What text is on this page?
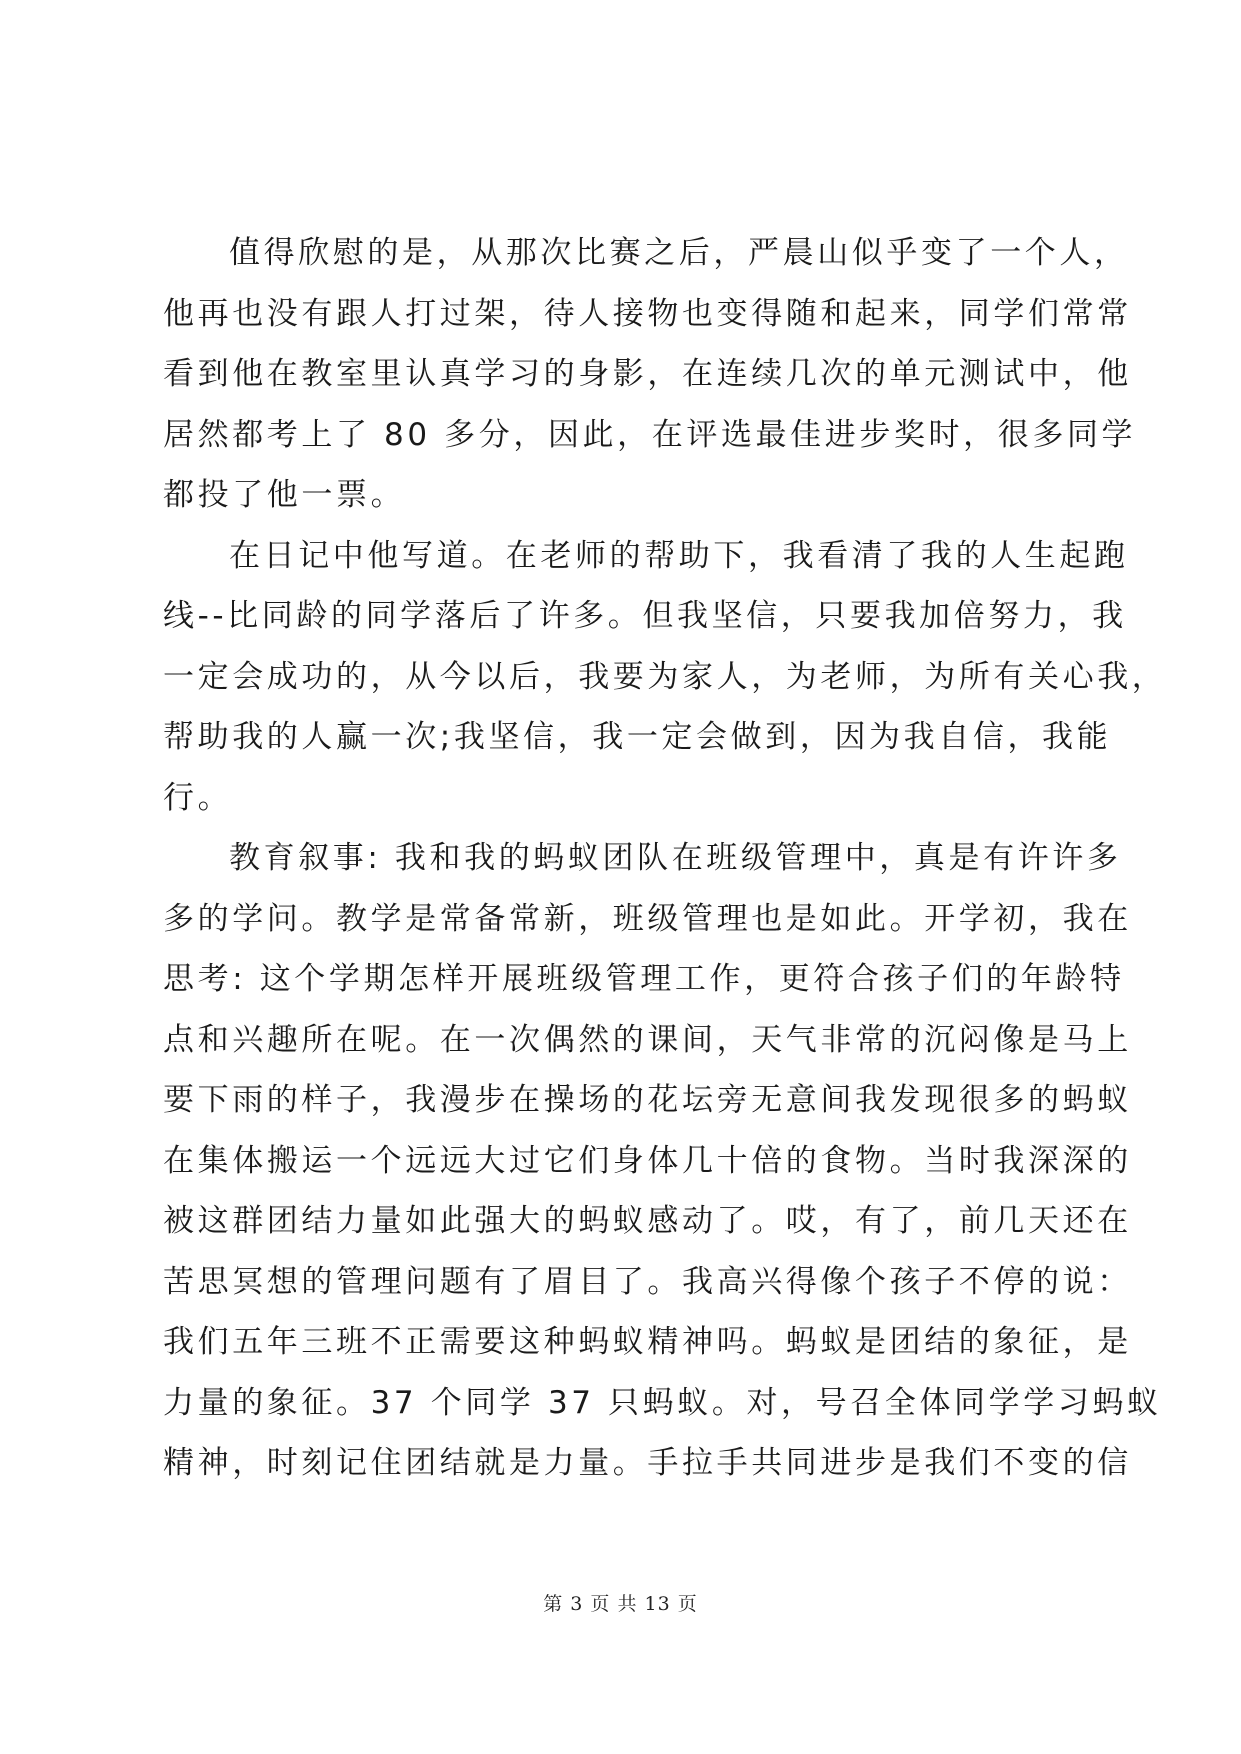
值得欣慰的是，从那次比赛之后，严晨山似乎变了一个人，
他再也没有跟人打过架，待人接物也变得随和起来，同学们常常
看到他在教室里认真学习的身影，在连续几次的单元测试中，他
居然都考上了 80 多分，因此，在评选最佳进步奖时，很多同学
都投了他一票。
在日记中他写道。在老师的帮助下，我看清了我的人生起跑
线--比同龄的同学落后了许多。但我坚信，只要我加倍努力，我
一定会成功的，从今以后，我要为家人，为老师，为所有关心我，
帮助我的人赢一次;我坚信，我一定会做到，因为我自信，我能
行。
教育叙事: 我和我的蚂蚁团队在班级管理中，真是有许许多
多的学问。教学是常备常新，班级管理也是如此。开学初，我在
思考: 这个学期怎样开展班级管理工作，更符合孩子们的年龄特
点和兴趣所在呢。在一次偶然的课间，天气非常的沉闷像是马上
要下雨的样子，我漫步在操场的花坛旁无意间我发现很多的蚂蚁
在集体搬运一个远远大过它们身体几十倍的食物。当时我深深的
被这群团结力量如此强大的蚂蚁感动了。哎，有了，前几天还在
苦思冥想的管理问题有了眉目了。我高兴得像个孩子不停的说：
我们五年三班不正需要这种蚂蚁精神吗。蚂蚁是团结的象征，是
力量的象征。37 个同学 37 只蚂蚁。对，号召全体同学学习蚂蚁
精神，时刻记住团结就是力量。手拉手共同进步是我们不变的信
第 3 页 共 13 页
